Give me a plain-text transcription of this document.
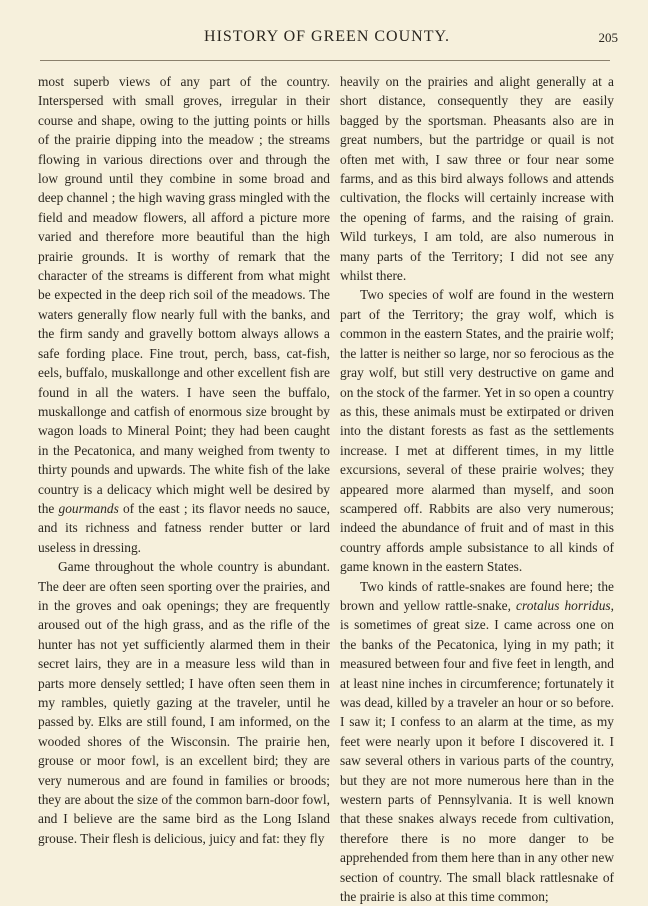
HISTORY OF GREEN COUNTY.	205

most superb views of any part of the country. Interspersed with small groves, irregular in their course and shape, owing to the jutting points or hills of the prairie dipping into the meadow ; the streams flowing in various directions over and through the low ground until they combine in some broad and deep channel ; the high waving grass mingled with the field and meadow flowers, all afford a picture more varied and therefore more beautiful than the high prairie grounds. It is worthy of remark that the character of the streams is different from what might be expected in the deep rich soil of the meadows. The waters generally flow nearly full with the banks, and the firm sandy and gravelly bottom always allows a safe fording place. Fine trout, perch, bass, cat-fish, eels, buffalo, muskallonge and other excellent fish are found in all the waters. I have seen the buffalo, muskallonge and catfish of enormous size brought by wagon loads to Mineral Point; they had been caught in the Pecatonica, and many weighed from twenty to thirty pounds and upwards. The white fish of the lake country is a delicacy which might well be desired by the gourmands of the east ; its flavor needs no sauce, and its richness and fatness render butter or lard useless in dressing.

Game throughout the whole country is abundant. The deer are often seen sporting over the prairies, and in the groves and oak openings; they are frequently aroused out of the high grass, and as the rifle of the hunter has not yet sufficiently alarmed them in their secret lairs, they are in a measure less wild than in parts more densely settled; I have often seen them in my rambles, quietly gazing at the traveler, until he passed by. Elks are still found, I am informed, on the wooded shores of the Wisconsin. The prairie hen, grouse or moor fowl, is an excellent bird; they are very numerous and are found in families or broods; they are about the size of the common barn-door fowl, and I believe are the same bird as the Long Island grouse. Their flesh is delicious, juicy and fat: they fly

heavily on the prairies and alight generally at a short distance, consequently they are easily bagged by the sportsman. Pheasants also are in great numbers, but the partridge or quail is not often met with, I saw three or four near some farms, and as this bird always follows and attends cultivation, the flocks will certainly increase with the opening of farms, and the raising of grain. Wild turkeys, I am told, are also numerous in many parts of the Territory; I did not see any whilst there.

Two species of wolf are found in the western part of the Territory; the gray wolf, which is common in the eastern States, and the prairie wolf; the latter is neither so large, nor so ferocious as the gray wolf, but still very destructive on game and on the stock of the farmer. Yet in so open a country as this, these animals must be extirpated or driven into the distant forests as fast as the settlements increase. I met at different times, in my little excursions, several of these prairie wolves; they appeared more alarmed than myself, and soon scampered off. Rabbits are also very numerous; indeed the abundance of fruit and of mast in this country affords ample subsistance to all kinds of game known in the eastern States.

Two kinds of rattle-snakes are found here; the brown and yellow rattle-snake, crotalus horridus, is sometimes of great size. I came across one on the banks of the Pecatonica, lying in my path; it measured between four and five feet in length, and at least nine inches in circumference; fortunately it was dead, killed by a traveler an hour or so before. I saw it; I confess to an alarm at the time, as my feet were nearly upon it before I discovered it. I saw several others in various parts of the country, but they are not more numerous here than in the western parts of Pennsylvania. It is well known that these snakes always recede from cultivation, therefore there is no more danger to be apprehended from them here than in any other new section of country. The small black rattlesnake of the prairie is also at this time common;
